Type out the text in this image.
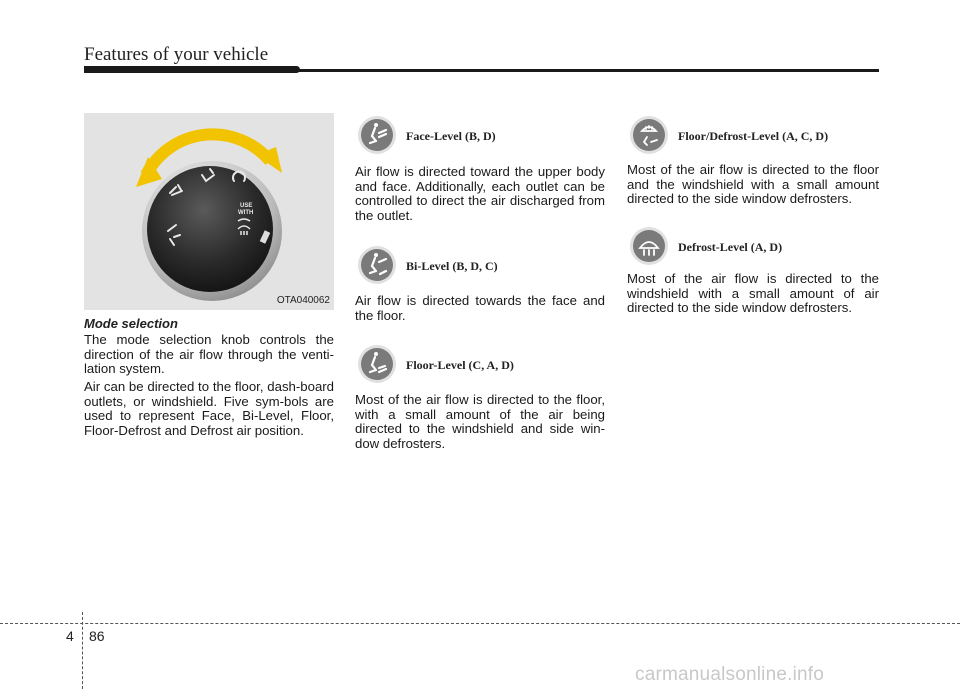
Features of your vehicle
USE
WITH
OTA040062
Mode selection
The mode selection knob controls the direction of the air flow through the venti-lation system.
Air can be directed to the floor, dash-board outlets, or windshield. Five sym-bols are used to represent Face, Bi-Level, Floor, Floor-Defrost and Defrost air position.
Face-Level (B, D)
Air flow is directed toward the upper body and face. Additionally, each outlet can be controlled to direct the air discharged from the outlet.
Bi-Level (B, D, C)
Air flow is directed towards the face and the floor.
Floor-Level (C, A, D)
Most of the air flow is directed to the floor, with a small amount of the air being directed to the windshield and side win-dow defrosters.
Floor/Defrost-Level (A, C, D)
Most of the air flow is directed to the floor and the windshield with a small amount directed to the side window defrosters.
Defrost-Level (A, D)
Most of the air flow is directed to the windshield with a small amount of air directed to the side window defrosters.
4 86
carmanualsonline.info
